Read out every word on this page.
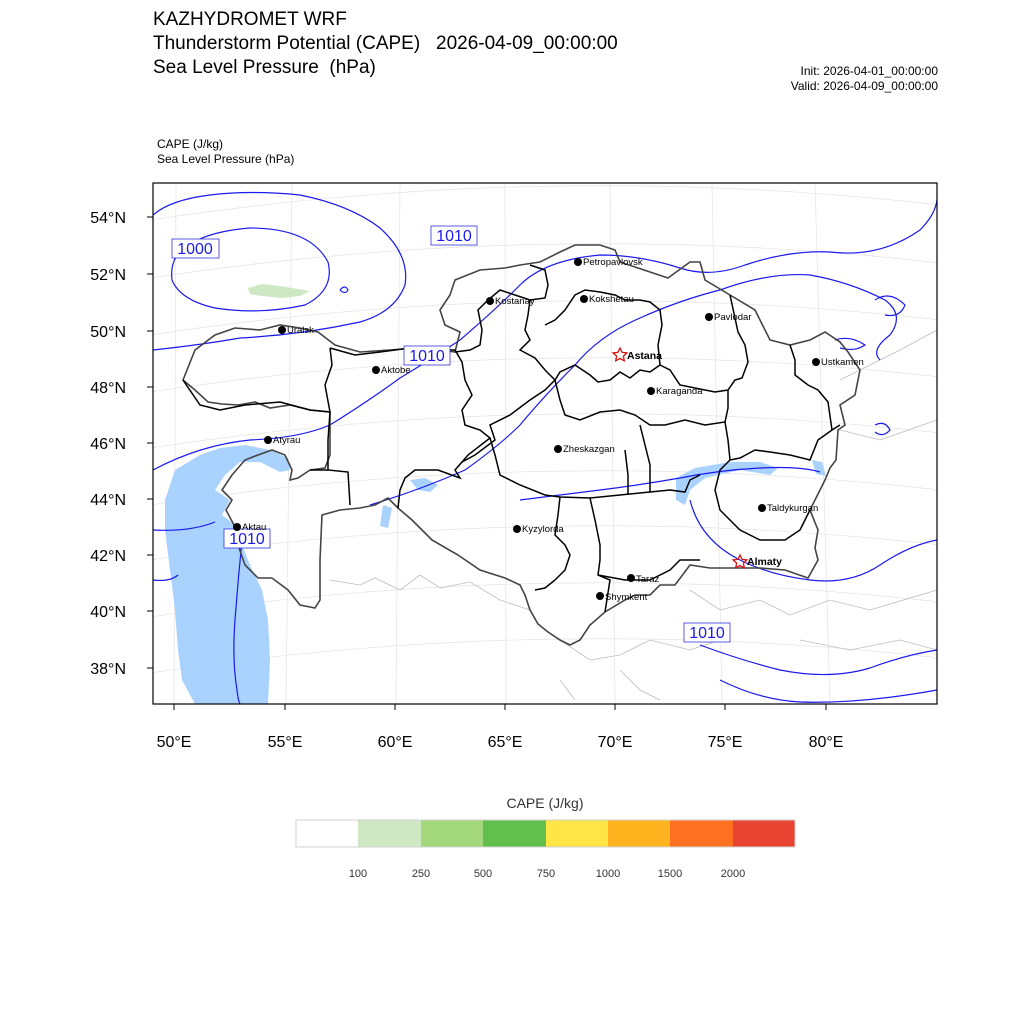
KAZHYDROMET WRF
Thunderstorm Potential (CAPE) 2026-04-09_00:00:00
Sea Level Pressure  (hPa)	Init: 2026-04-01_00:00:00
Valid: 2026-04-09_00:00:00
CAPE (J/kg)
Sea Level Pressure (hPa)
54°N
52°N
50°N
48°N
46°N
44°N
42°N
40°N
38°N
50°E	55°E	60°E	65°E	70°E	75°E	80°E
1000
1010
1010
1010
1010
Petropavlovsk
Kostanay	Kokshetau
Pavlodar
Uralsk
Astana
Aktobe
Ustkamen
Karaganda
Atyrau
Zheskazgan
Taldykurgan
Aktau	Kyzylorda
Almaty
Taraz
Shymkent
100	250	500	750	1000	1500	2000
CAPE (J/kg)
